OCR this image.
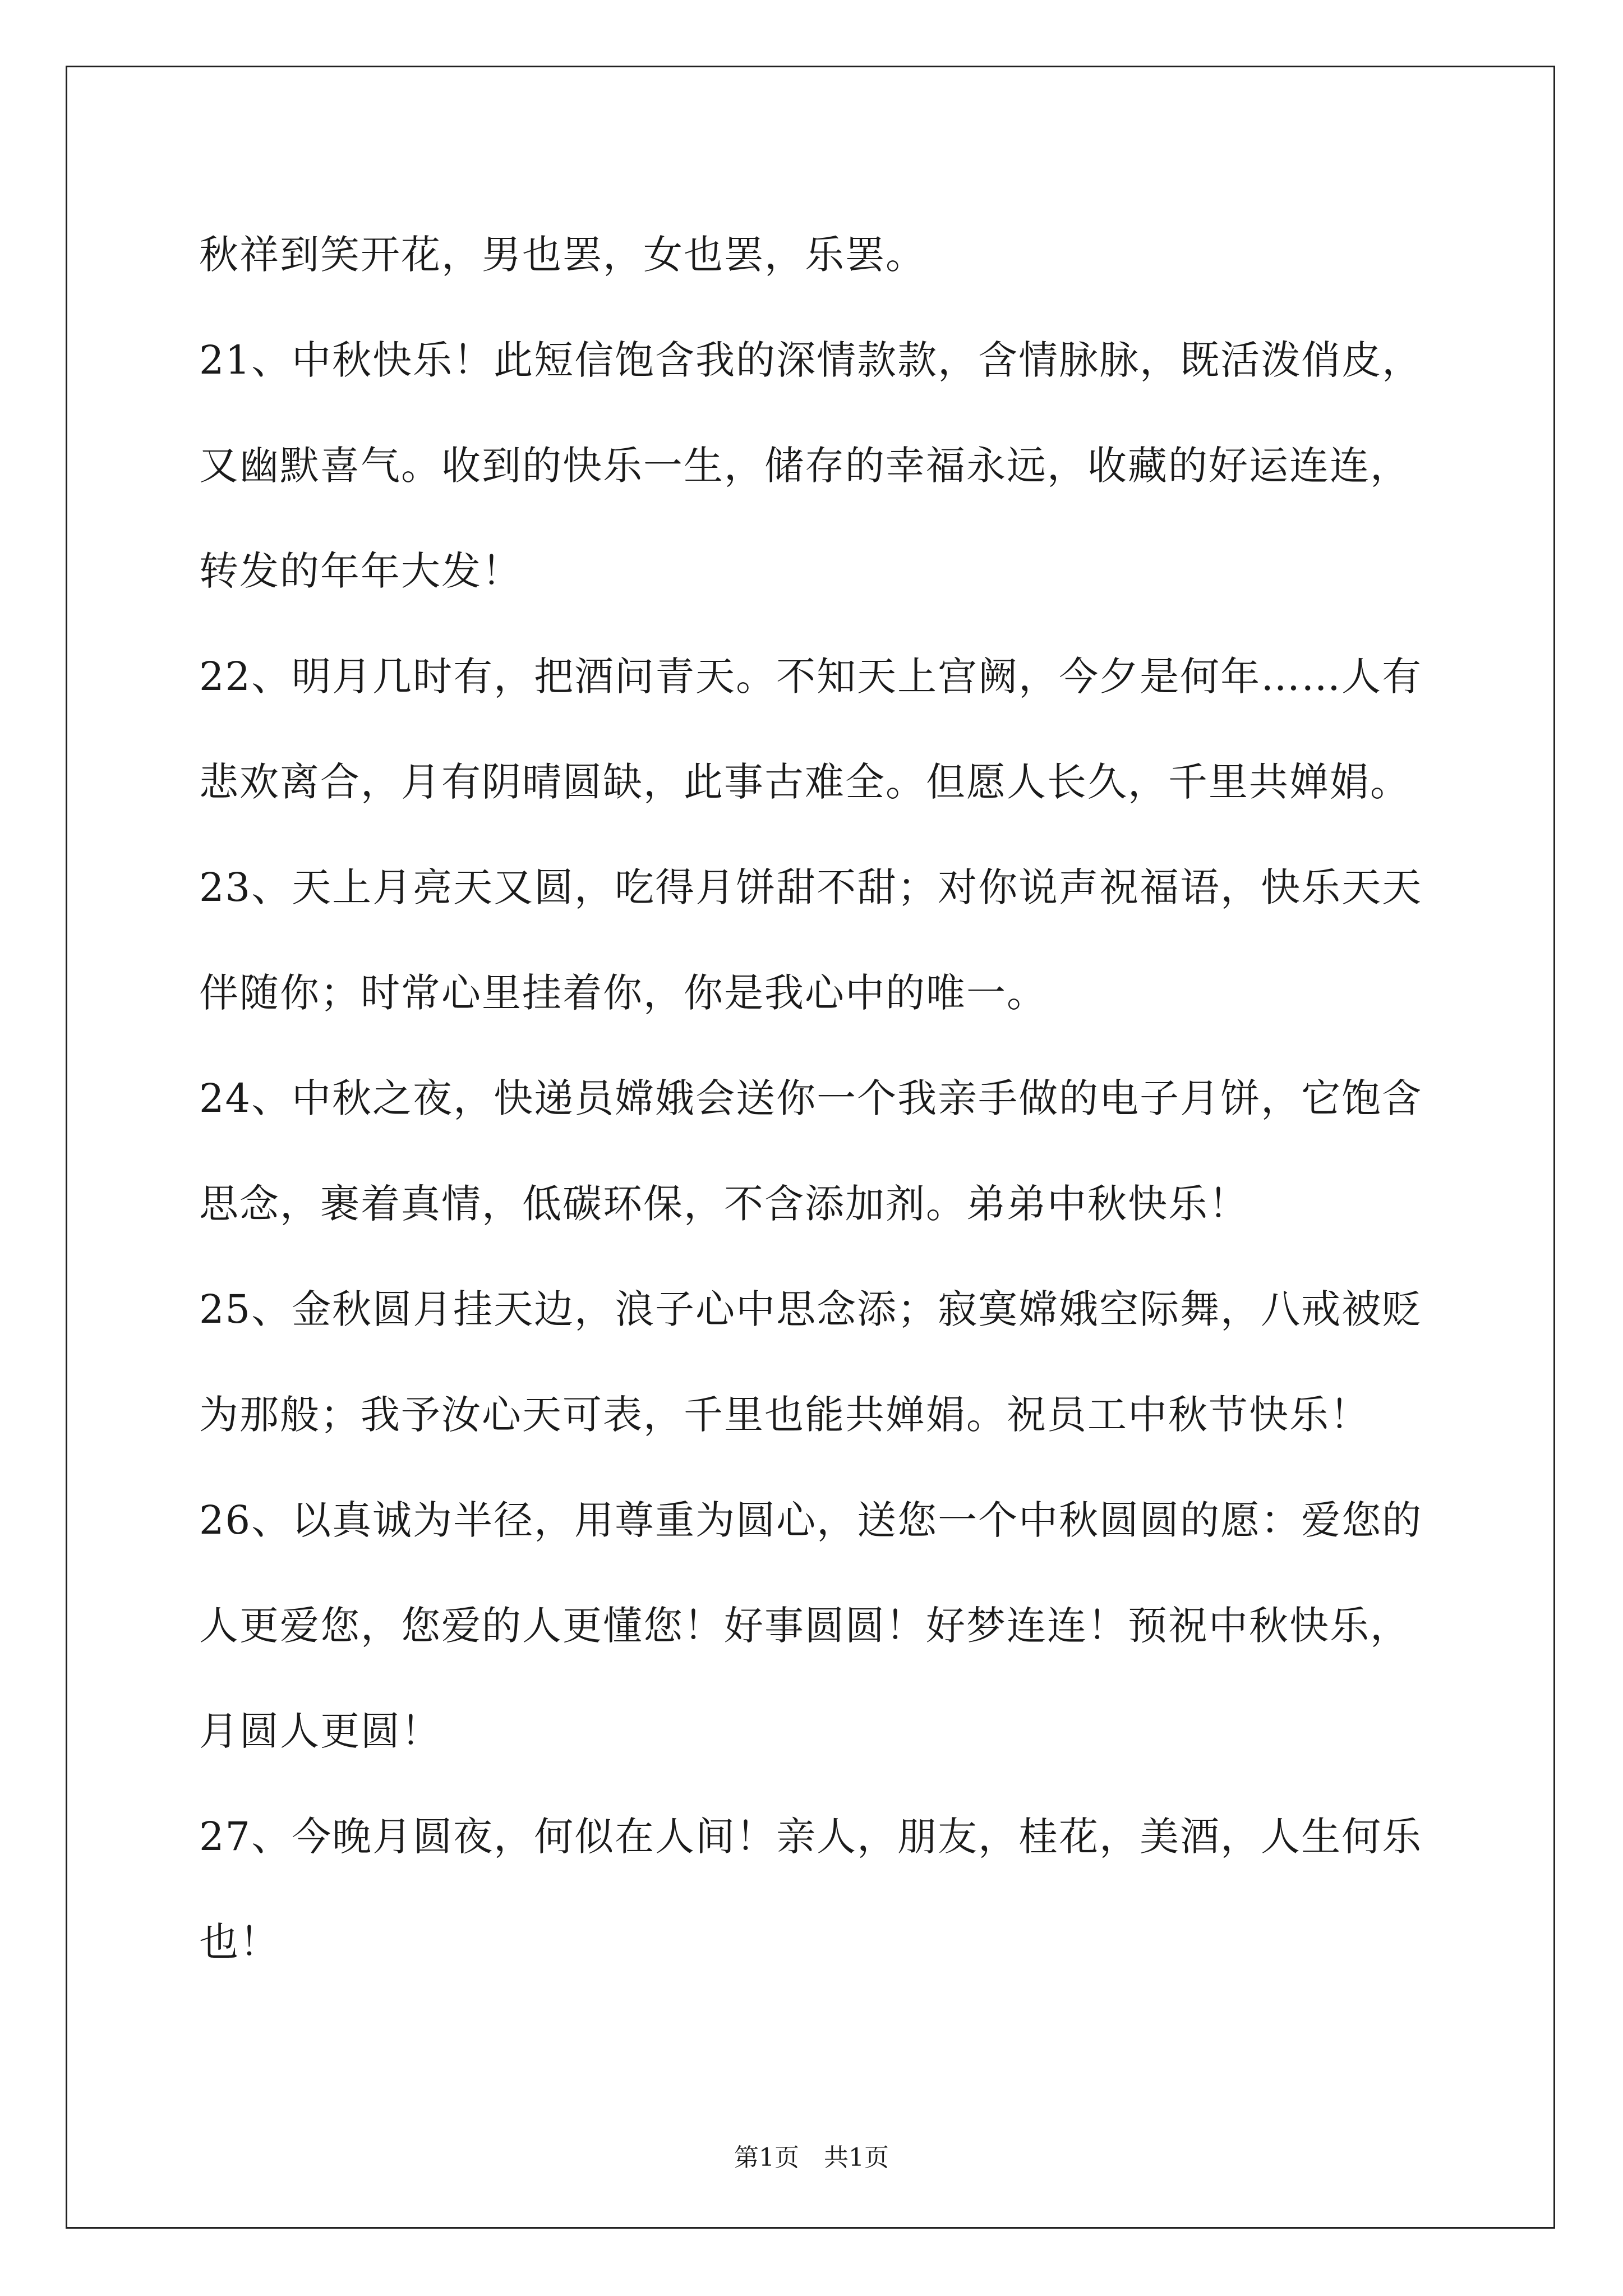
秋祥到笑开花，男也罢，女也罢，乐罢。
21、中秋快乐！此短信饱含我的深情款款，含情脉脉，既活泼俏皮，
又幽默喜气。收到的快乐一生，储存的幸福永远，收藏的好运连连，
转发的年年大发！
22、明月几时有，把酒问青天。不知天上宫阙，今夕是何年……人有
悲欢离合，月有阴晴圆缺，此事古难全。但愿人长久，千里共婵娟。
23、天上月亮天又圆，吃得月饼甜不甜；对你说声祝福语，快乐天天
伴随你；时常心里挂着你，你是我心中的唯一。
24、中秋之夜，快递员嫦娥会送你一个我亲手做的电子月饼，它饱含
思念，裹着真情，低碳环保，不含添加剂。弟弟中秋快乐！
25、金秋圆月挂天边，浪子心中思念添；寂寞嫦娥空际舞，八戒被贬
为那般；我予汝心天可表，千里也能共婵娟。祝员工中秋节快乐！
26、以真诚为半径，用尊重为圆心，送您一个中秋圆圆的愿：爱您的
人更爱您，您爱的人更懂您！好事圆圆！好梦连连！预祝中秋快乐，
月圆人更圆！
27、今晚月圆夜，何似在人间！亲人，朋友，桂花，美酒，人生何乐
也！
第1页　共1页
